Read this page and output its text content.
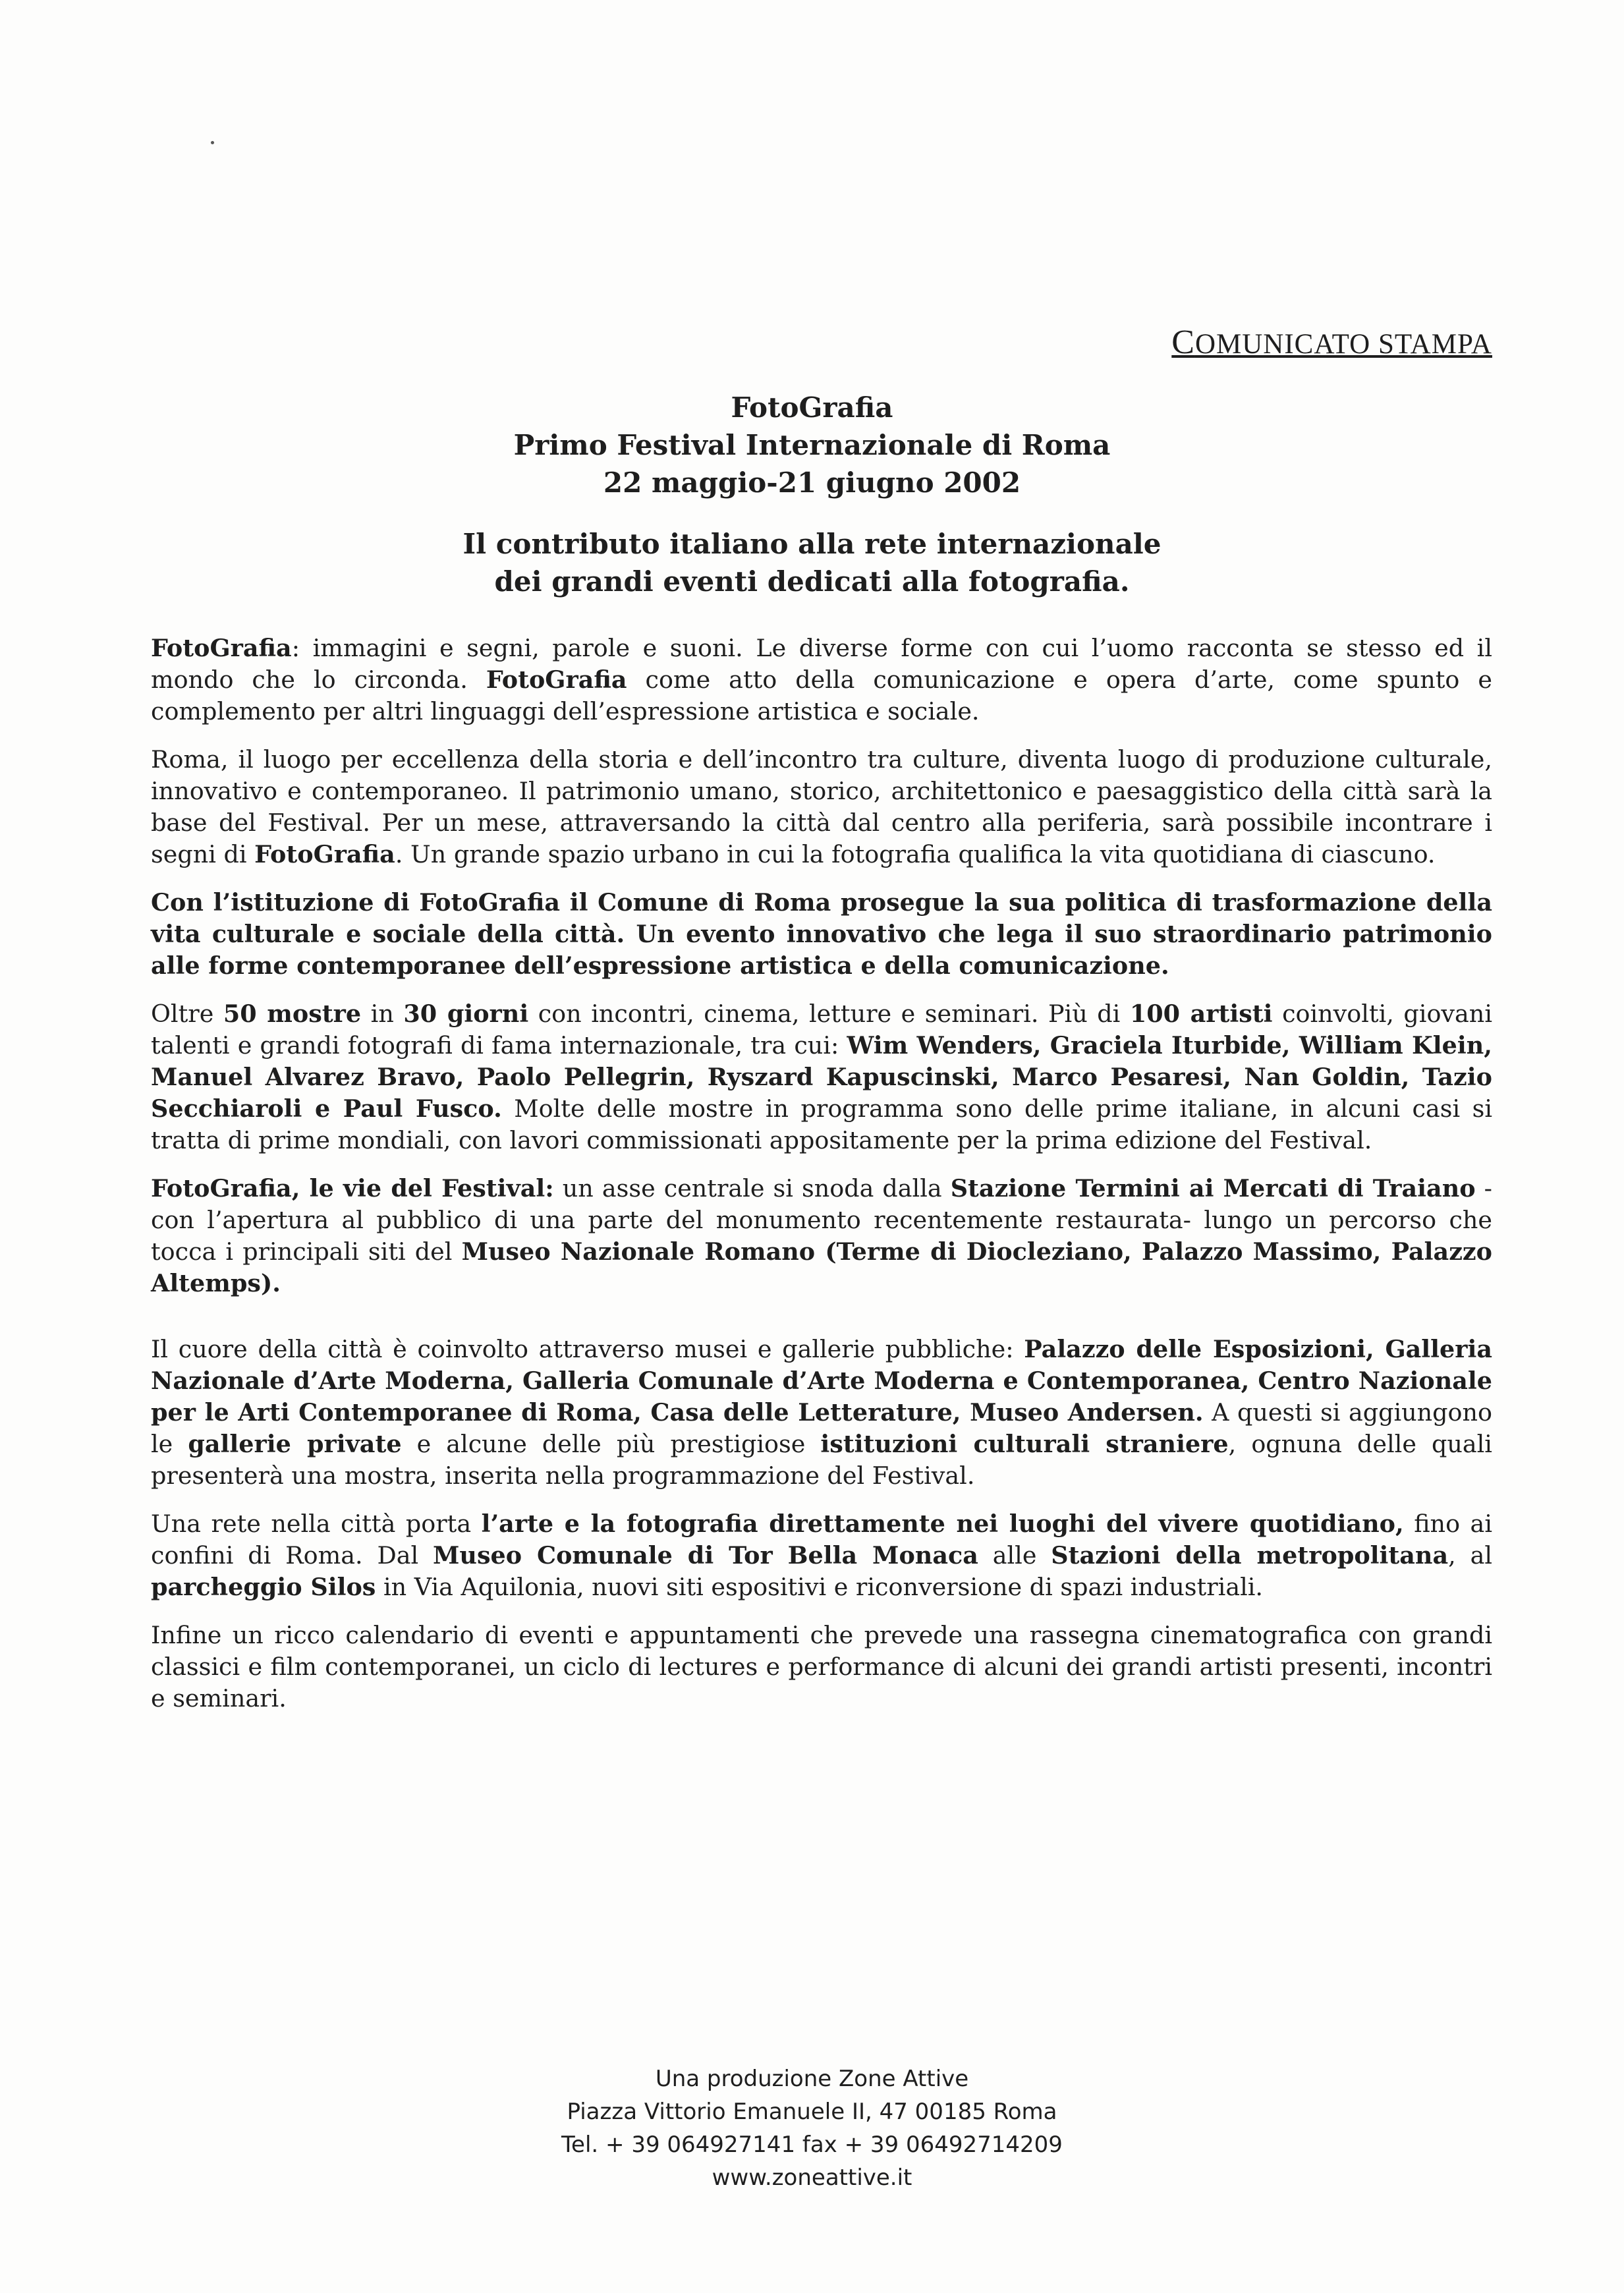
COMUNICATO STAMPA
FotoGrafia
Primo Festival Internazionale di Roma
22 maggio-21 giugno 2002
Il contributo italiano alla rete internazionale
dei grandi eventi dedicati alla fotografia.

FotoGrafia: immagini e segni, parole e suoni. Le diverse forme con cui l’uomo racconta se stesso ed il mondo che lo circonda. FotoGrafia come atto della comunicazione e opera d’arte, come spunto e complemento per altri linguaggi dell’espressione artistica e sociale.

Roma, il luogo per eccellenza della storia e dell’incontro tra culture, diventa luogo di produzione culturale, innovativo e contemporaneo. Il patrimonio umano, storico, architettonico e paesaggistico della città sarà la base del Festival. Per un mese, attraversando la città dal centro alla periferia, sarà possibile incontrare i segni di FotoGrafia. Un grande spazio urbano in cui la fotografia qualifica la vita quotidiana di ciascuno.

Con l’istituzione di FotoGrafia il Comune di Roma prosegue la sua politica di trasformazione della vita culturale e sociale della città. Un evento innovativo che lega il suo straordinario patrimonio alle forme contemporanee dell’espressione artistica e della comunicazione.

Oltre 50 mostre in 30 giorni con incontri, cinema, letture e seminari. Più di 100 artisti coinvolti, giovani talenti e grandi fotografi di fama internazionale, tra cui: Wim Wenders, Graciela Iturbide, William Klein, Manuel Alvarez Bravo, Paolo Pellegrin, Ryszard Kapuscinski, Marco Pesaresi, Nan Goldin, Tazio Secchiaroli e Paul Fusco. Molte delle mostre in programma sono delle prime italiane, in alcuni casi si tratta di prime mondiali, con lavori commissionati appositamente per la prima edizione del Festival.

FotoGrafia, le vie del Festival: un asse centrale si snoda dalla Stazione Termini ai Mercati di Traiano -con l’apertura al pubblico di una parte del monumento recentemente restaurata- lungo un percorso che tocca i principali siti del Museo Nazionale Romano (Terme di Diocleziano, Palazzo Massimo, Palazzo Altemps).

Il cuore della città è coinvolto attraverso musei e gallerie pubbliche: Palazzo delle Esposizioni, Galleria Nazionale d’Arte Moderna, Galleria Comunale d’Arte Moderna e Contemporanea, Centro Nazionale per le Arti Contemporanee di Roma, Casa delle Letterature, Museo Andersen. A questi si aggiungono le gallerie private e alcune delle più prestigiose istituzioni culturali straniere, ognuna delle quali presenterà una mostra, inserita nella programmazione del Festival.

Una rete nella città porta l’arte e la fotografia direttamente nei luoghi del vivere quotidiano, fino ai confini di Roma. Dal Museo Comunale di Tor Bella Monaca alle Stazioni della metropolitana, al parcheggio Silos in Via Aquilonia, nuovi siti espositivi e riconversione di spazi industriali.

Infine un ricco calendario di eventi e appuntamenti che prevede una rassegna cinematografica con grandi classici e film contemporanei, un ciclo di lectures e performance di alcuni dei grandi artisti presenti, incontri e seminari.

Una produzione Zone Attive
Piazza Vittorio Emanuele II, 47 00185 Roma
Tel. + 39 064927141 fax + 39 06492714209
www.zoneattive.it
